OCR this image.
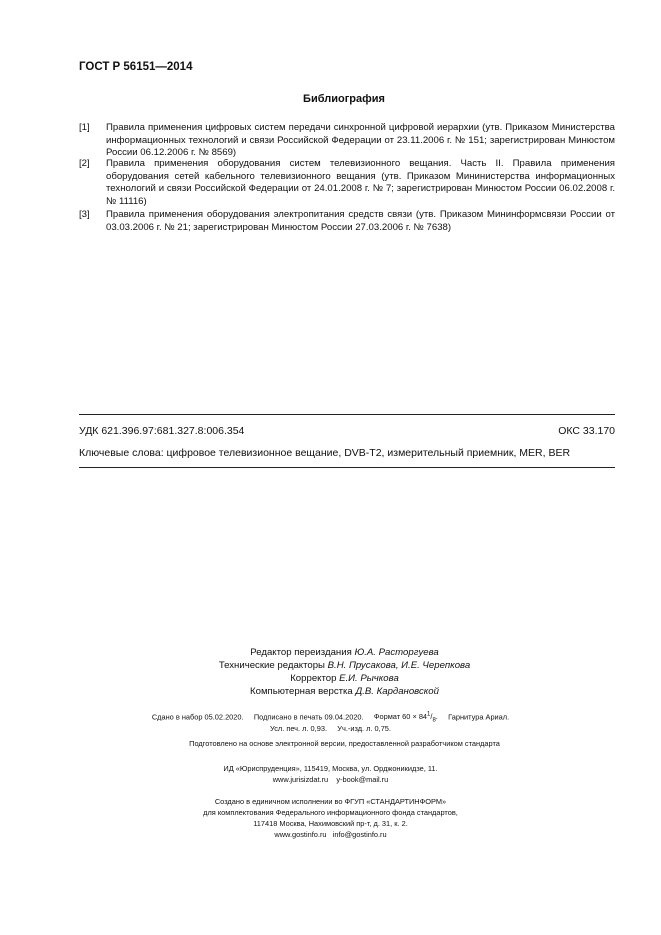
ГОСТ Р 56151—2014
Библиография
[1] Правила применения цифровых систем передачи синхронной цифровой иерархии (утв. Приказом Министерства информационных технологий и связи Российской Федерации от 23.11.2006 г. № 151; зарегистрирован Минюстом России 06.12.2006 г. № 8569)
[2] Правила применения оборудования систем телевизионного вещания. Часть II. Правила применения оборудования сетей кабельного телевизионного вещания (утв. Приказом Мининистерства информационных технологий и связи Российской Федерации от 24.01.2008 г. № 7; зарегистрирован Минюстом России 06.02.2008 г. № 11116)
[3] Правила применения оборудования электропитания средств связи (утв. Приказом Мининформсвязи России от 03.03.2006 г. № 21; зарегистрирован Минюстом России 27.03.2006 г. № 7638)
УДК 621.396.97:681.327.8:006.354	ОКС 33.170
Ключевые слова: цифровое телевизионное вещание, DVB-T2, измерительный приемник, MER, BER
Редактор переиздания Ю.А. Расторгуева
Технические редакторы В.Н. Прусакова, И.Е. Черепкова
Корректор Е.И. Рычкова
Компьютерная верстка Д.В. Кардановской
Сдано в набор 05.02.2020. Подписано в печать 09.04.2020. Формат $60 \times 84^1/_8$. Гарнитура Ариал.
Усл. печ. л. 0,93. Уч.-изд. л. 0,75.
Подготовлено на основе электронной версии, предоставленной разработчиком стандарта
ИД «Юриспруденция», 115419, Москва, ул. Орджоникидзе, 11.
www.jurisizdat.ru y-book@mail.ru
Создано в единичном исполнении во ФГУП «СТАНДАРТИНФОРМ»
для комплектования Федерального информационного фонда стандартов,
117418 Москва, Нахимовский пр-т, д. 31, к. 2.
www.gostinfo.ru info@gostinfo.ru
